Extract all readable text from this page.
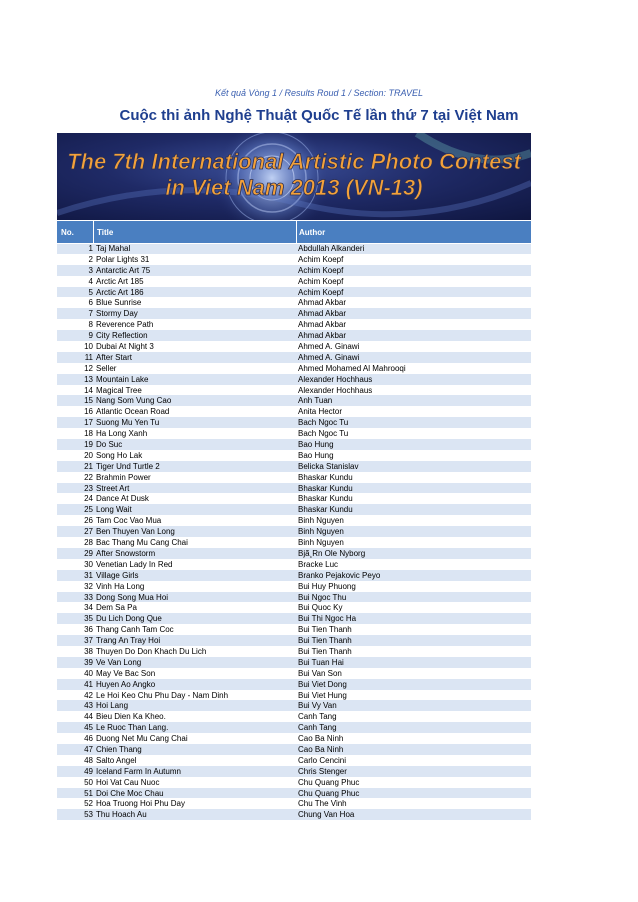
Kết quả Vòng 1 / Results Roud 1 / Section: TRAVEL
Cuộc thi ảnh Nghệ Thuật Quốc Tế lần thứ 7 tại Việt Nam
The 7th International Artistic Photo Contest
in Viet Nam 2013 (VN-13)
No.	Title	Author
1 Taj Mahal	Abdullah Alkanderi
2 Polar Lights 31	Achim Koepf
3 Antarctic Art 75	Achim Koepf
4 Arctic Art 185	Achim Koepf
5 Arctic Art 186	Achim Koepf
6 Blue Sunrise	Ahmad Akbar
7 Stormy Day	Ahmad Akbar
8 Reverence Path	Ahmad Akbar
9 City Reflection	Ahmad Akbar
10 Dubai At Night 3	Ahmed A. Ginawi
11 After Start	Ahmed A. Ginawi
12 Seller	Ahmed Mohamed Al Mahrooqi
13 Mountain Lake	Alexander Hochhaus
14 Magical Tree	Alexander Hochhaus
15 Nang Som Vung Cao	Anh Tuan
16 Atlantic Ocean Road	Anita Hector
17 Suong Mu Yen Tu	Bach Ngoc Tu
18 Ha Long Xanh	Bach Ngoc Tu
19 Do Suc	Bao Hung
20 Song Ho Lak	Bao Hung
21 Tiger Und Turtle 2	Belicka Stanislav
22 Brahmin Power	Bhaskar Kundu
23 Street Art	Bhaskar Kundu
24 Dance At Dusk	Bhaskar Kundu
25 Long Wait	Bhaskar Kundu
26 Tam Coc Vao Mua	Binh Nguyen
27 Ben Thuyen Van Long	Binh Nguyen
28 Bac Thang Mu Cang Chai	Binh Nguyen
29 After Snowstorm	Bjã¸Rn Ole Nyborg
30 Venetian Lady In Red	Bracke Luc
31 Village Girls	Branko Pejakovic Peyo
32 Vinh Ha Long	Bui Huy Phuong
33 Dong Song Mua Hoi	Bui Ngoc Thu
34 Dem Sa Pa	Bui Quoc Ky
35 Du Lich Dong Que	Bui Thi Ngoc Ha
36 Thang Canh Tam Coc	Bui Tien Thanh
37 Trang An Tray Hoi	Bui Tien Thanh
38 Thuyen Do Don Khach Du Lich	Bui Tien Thanh
39 Ve Van Long	Bui Tuan Hai
40 May Ve Bac Son	Bui Van Son
41 Huyen Ao Angko	Bui Viet Dong
42 Le Hoi Keo Chu Phu Day - Nam Dinh	Bui Viet Hung
43 Hoi Lang	Bui Vy Van
44 Bieu Dien Ka Kheo.	Canh Tang
45 Le Ruoc Than Lang.	Canh Tang
46 Duong Net Mu Cang Chai	Cao Ba Ninh
47 Chien Thang	Cao Ba Ninh
48 Salto Angel	Carlo Cencini
49 Iceland Farm In Autumn	Chris Stenger
50 Hoi Vat Cau Nuoc	Chu Quang Phuc
51 Doi Che Moc Chau	Chu Quang Phuc
52 Hoa Truong Hoi Phu Day	Chu The Vinh
53 Thu Hoach Au	Chung Van Hoa
